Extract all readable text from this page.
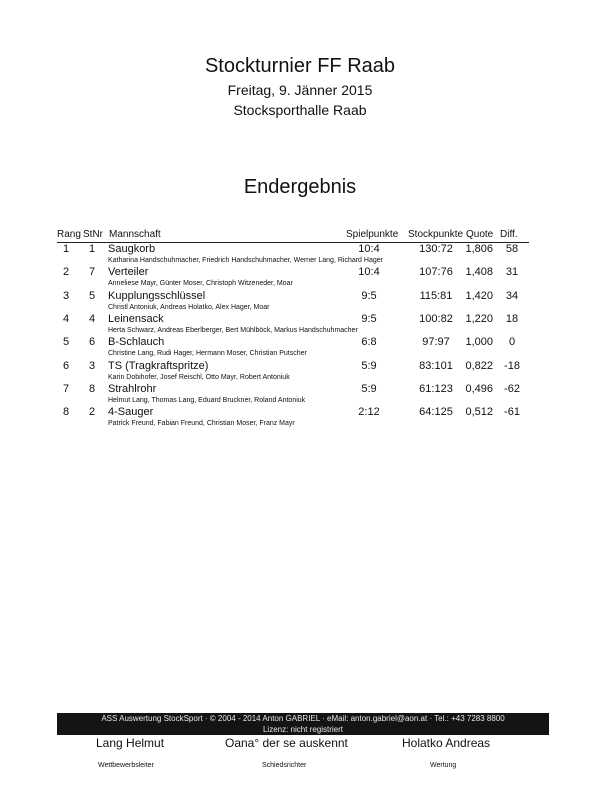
Stockturnier FF Raab
Freitag, 9. Jänner 2015
Stocksporthalle Raab
Endergebnis
Rang StNr Mannschaft	Spielpunkte Stockpunkte Quote Diff.
1	1	Saugkorb	10:4	130:72	1,806 58
Katharina Handschuhmacher, Friedrich Handschuhmacher, Werner Lang, Richard Hager
2	7	Verteiler	10:4	107:76	1,408 31
Anneliese Mayr, Günter Moser, Christoph Witzeneder, Moar
3	5	Kupplungsschlüssel	9:5	115:81	1,420 34
Christl Antoniuk, Andreas Holatko, Alex Hager, Moar
4	4	Leinensack	9:5	100:82	1,220 18
Herta Schwarz, Andreas Eberlberger, Bert Mühlböck, Markus Handschuhmacher
5	6	B-Schlauch	6:8	97:97	1,000	0
Christine Lang, Rudi Hager, Hermann Moser, Christian Putscher
6	3	TS (Tragkraftspritze)	5:9	83:101	0,822 -18
Karin Dobihofer, Josef Reischl, Otto Mayr, Robert Antoniuk
7	8	Strahlrohr	5:9	61:123	0,496 -62
Helmut Lang, Thomas Lang, Eduard Bruckner, Roland Antoniuk
8	2	4-Sauger	2:12	64:125	0,512 -61
Patrick Freund, Fabian Freund, Christian Moser, Franz Mayr
ASS Auswertung StockSport · © 2004 - 2014 Anton GABRIEL · eMail: anton.gabriel@aon.at · Tel.: +43 7283 8800
Lizenz: nicht registriert
Lang Helmut	Oana° der se auskennt	Holatko Andreas
Wettbewerbsleiter	Schiedsrichter	Wertung
